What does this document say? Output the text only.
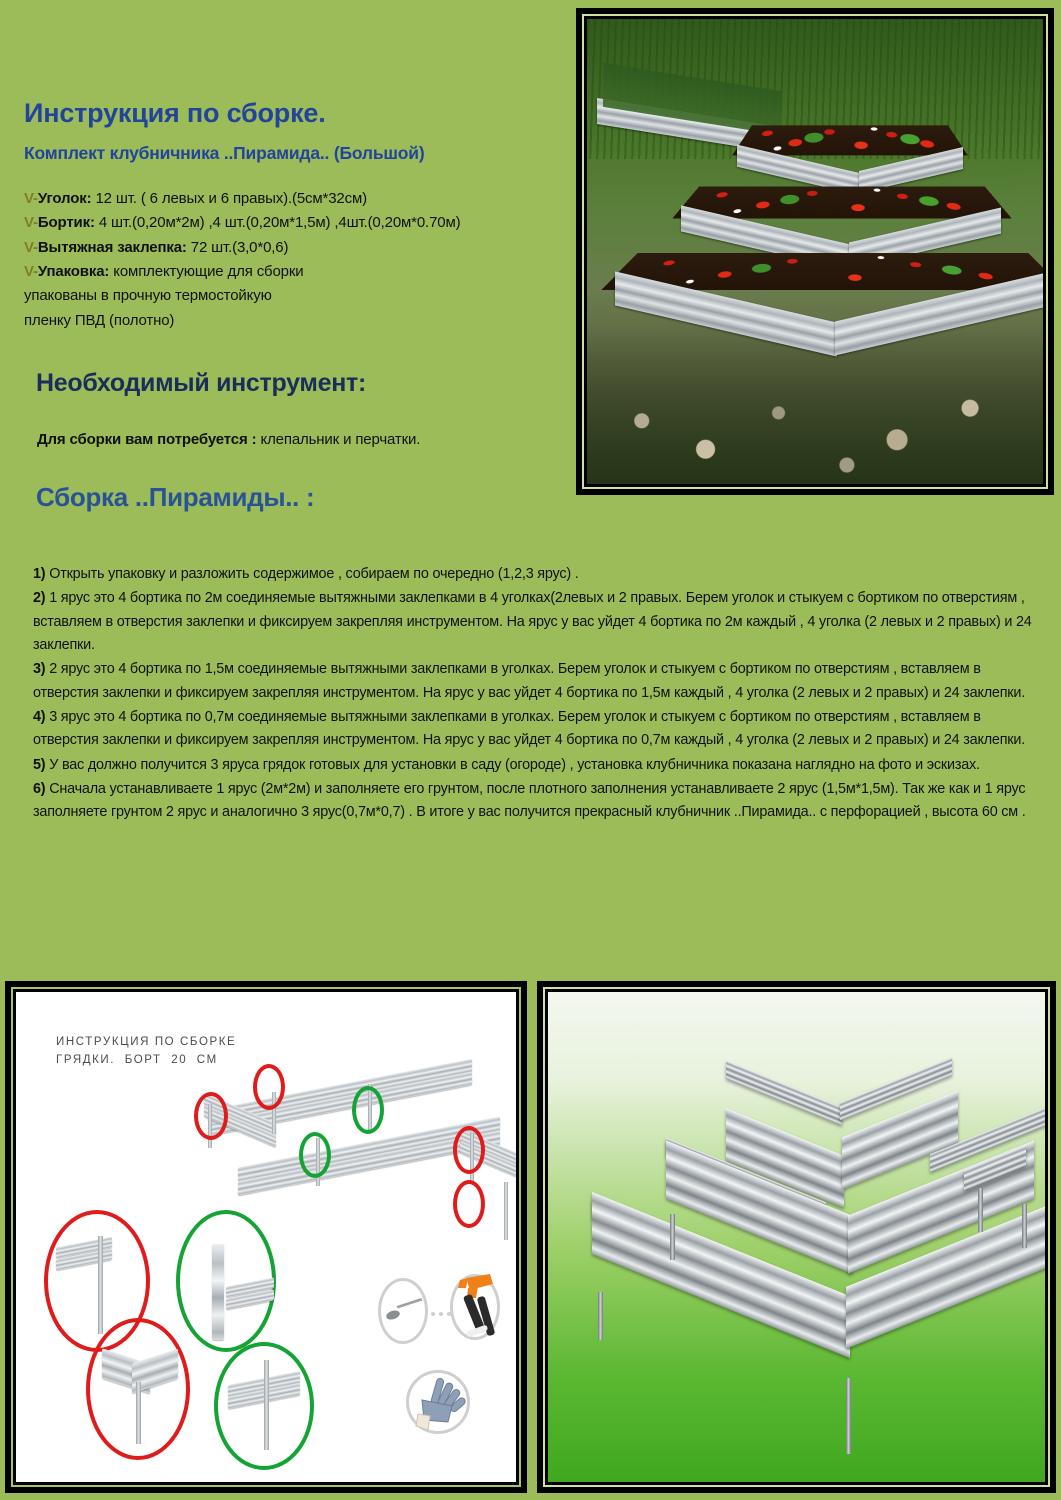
Инструкция по сборке.
Комплект клубничника ..Пирамида.. (Большой)
V-Уголок: 12 шт. ( 6 левых и 6 правых).(5см*32см)
V-Бортик: 4 шт.(0,20м*2м) ,4 шт.(0,20м*1,5м) ,4шт.(0,20м*0.70м)
V-Вытяжная заклепка: 72 шт.(3,0*0,6)
V-Упаковка: комплектующие для сборки
упакованы в прочную термостойкую
пленку ПВД (полотно)
Необходимый инструмент:
Для сборки вам потребуется : клепальник и перчатки.
Сборка ..Пирамиды.. :
1) Открыть упаковку и разложить содержимое , собираем по очередно (1,2,3 ярус) .
2) 1 ярус это 4 бортика по 2м соединяемые вытяжными заклепками в 4 уголках(2левых и 2 правых. Берем уголок и стыкуем с бортиком по отверстиям , вставляем в отверстия заклепки и фиксируем закрепляя инструментом. На ярус у вас уйдет 4 бортика по 2м каждый , 4 уголка (2 левых и 2 правых) и 24 заклепки.
3) 2 ярус это 4 бортика по 1,5м соединяемые вытяжными заклепками в уголках. Берем уголок и стыкуем с бортиком по отверстиям , вставляем в отверстия заклепки и фиксируем закрепляя инструментом. На ярус у вас уйдет 4 бортика по 1,5м каждый , 4 уголка (2 левых и 2 правых) и 24 заклепки.
4) 3 ярус это 4 бортика по 0,7м соединяемые вытяжными заклепками в уголках. Берем уголок и стыкуем с бортиком по отверстиям , вставляем в отверстия заклепки и фиксируем закрепляя инструментом. На ярус у вас уйдет 4 бортика по 0,7м каждый , 4 уголка (2 левых и 2 правых) и 24 заклепки.
5) У вас должно получится 3 яруса грядок готовых для установки в саду (огороде) , установка клубничника показана наглядно на фото и эскизах.
6) Сначала устанавливаете 1 ярус (2м*2м) и заполняете его грунтом, после плотного заполнения устанавливаете 2 ярус (1,5м*1,5м). Так же как и 1 ярус заполняете грунтом 2 ярус и аналогично 3 ярус(0,7м*0,7) . В итоге у вас получится прекрасный клубничник ..Пирамида.. с перфорацией , высота 60 см .
ИНСТРУКЦИЯ ПО СБОРКЕ
ГРЯДКИ.  БОРТ  20  СМ
